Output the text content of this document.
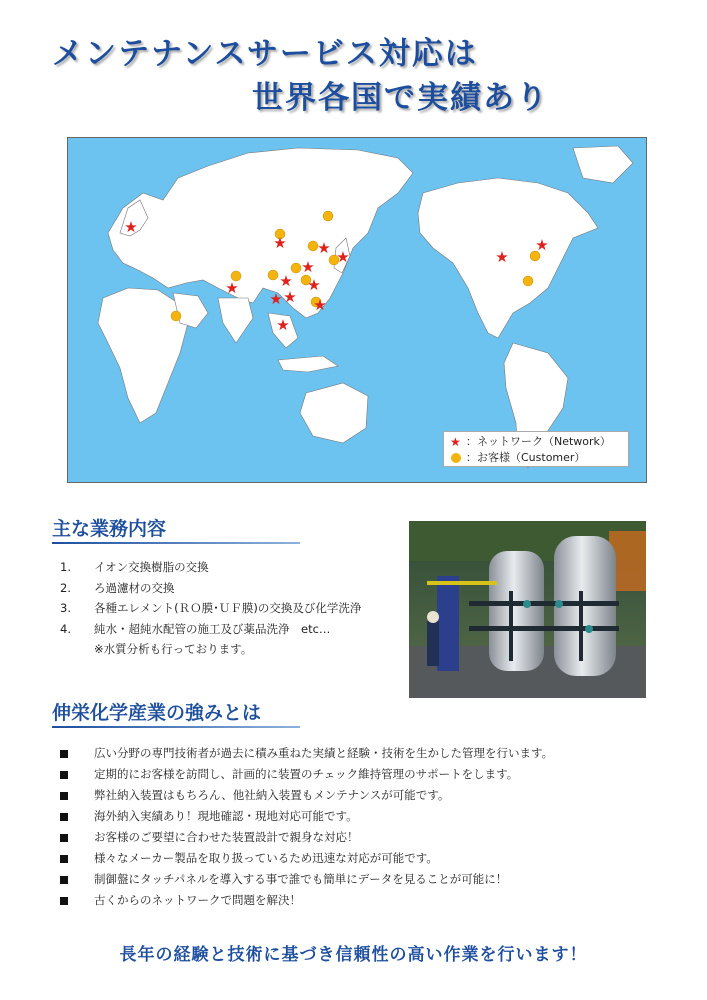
メンテナンスサービス対応は
世界各国で実績あり
★
★ ★ ★
★
★
★	★
★ ★ ★
★
★
★
★ ：ネットワーク（Network）
：お客様（Customer）
主な業務内容
1.	イオン交換樹脂の交換
2.	ろ過濾材の交換
3.	各種エレメント(ＲＯ膜･ＵＦ膜)の交換及び化学洗浄
4.	純水・超純水配管の施工及び薬品洗浄　etc…
※水質分析も行っております。
伸栄化学産業の強みとは
広い分野の専門技術者が過去に積み重ねた実績と経験・技術を生かした管理を行います。
定期的にお客様を訪問し、計画的に装置のチェック維持管理のサポートをします。
弊社納入装置はもちろん、他社納入装置もメンテナンスが可能です。
海外納入実績あり！現地確認・現地対応可能です。
お客様のご要望に合わせた装置設計で親身な対応！
様々なメーカー製品を取り扱っているため迅速な対応が可能です。
制御盤にタッチパネルを導入する事で誰でも簡単にデータを見ることが可能に！
古くからのネットワークで問題を解決！
長年の経験と技術に基づき信頼性の高い作業を行います！
